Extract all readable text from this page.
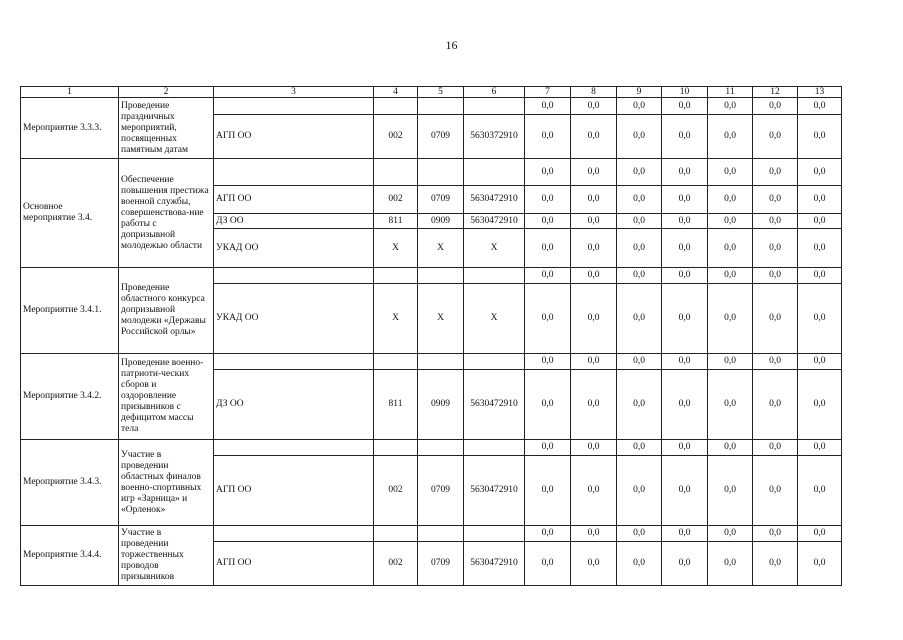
16
1	2	3	4	5	6	7	8	9	10	11	12	13
Мероприятие 3.3.3.	Проведение праздничных мероприятий, посвященных памятным датам					0,0	0,0	0,0	0,0	0,0	0,0	0,0
		АГП ОО	002	0709	5630372910	0,0	0,0	0,0	0,0	0,0	0,0	0,0
Основное мероприятие 3.4.	Обеспечение повышения престижа военной службы, совершенствова-ние работы с допризывной молодежью области					0,0	0,0	0,0	0,0	0,0	0,0	0,0
		АГП ОО	002	0709	5630472910	0,0	0,0	0,0	0,0	0,0	0,0	0,0
		ДЗ ОО	811	0909	5630472910	0,0	0,0	0,0	0,0	0,0	0,0	0,0
		УКАД ОО	X	X	X	0,0	0,0	0,0	0,0	0,0	0,0	0,0
Мероприятие 3.4.1.	Проведение областного конкурса допризывной молодежи «Державы Российской орлы»					0,0	0,0	0,0	0,0	0,0	0,0	0,0
		УКАД ОО	X	X	X	0,0	0,0	0,0	0,0	0,0	0,0	0,0
Мероприятие 3.4.2.	Проведение военно-патриоти-ческих сборов и оздоровление призывников с дефицитом массы тела					0,0	0,0	0,0	0,0	0,0	0,0	0,0
		ДЗ ОО	811	0909	5630472910	0,0	0,0	0,0	0,0	0,0	0,0	0,0
Мероприятие 3.4.3.	Участие в проведении областных финалов военно-спортивных игр «Зарница» и «Орленок»					0,0	0,0	0,0	0,0	0,0	0,0	0,0
		АГП ОО	002	0709	5630472910	0,0	0,0	0,0	0,0	0,0	0,0	0,0
Мероприятие 3.4.4.	Участие в проведении торжественных проводов призывников					0,0	0,0	0,0	0,0	0,0	0,0	0,0
		АГП ОО	002	0709	5630472910	0,0	0,0	0,0	0,0	0,0	0,0	0,0
